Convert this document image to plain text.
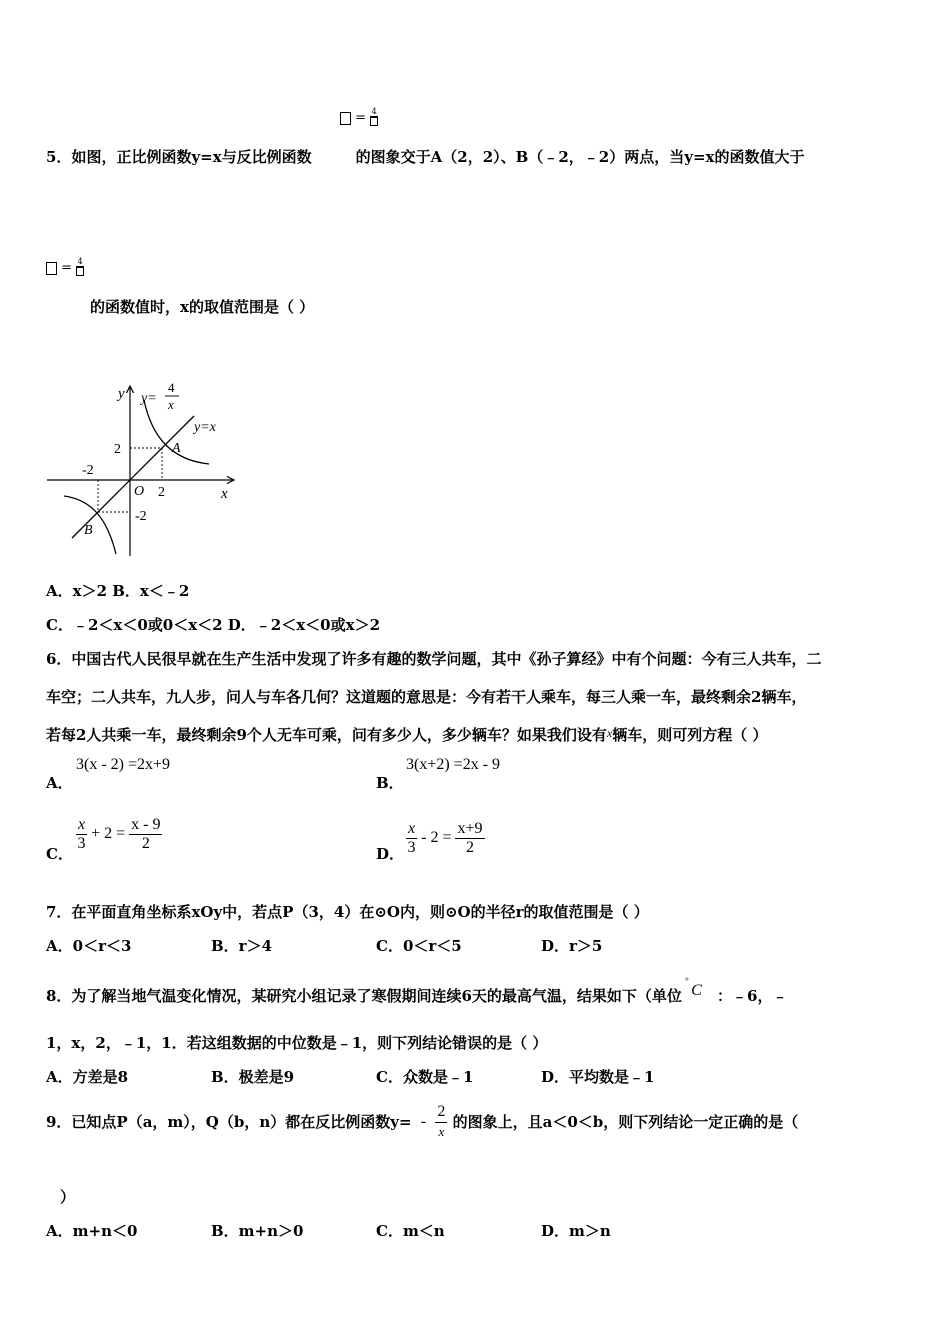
= 4
5．如图，正比例函数y=x与反比例函数	的图象交于A（2，2）、B（﹣2，﹣2）两点，当y=x的函数值大于
= 4
的函数值时，x的取值范围是（ ）
y
x
O
y=
4
x
y=x
A
B
2
-2
2
-2
A．x＞2 B．x＜﹣2
C．﹣2＜x＜0或0＜x＜2 D．﹣2＜x＜0或x＞2
6．中国古代人民很早就在生产生活中发现了许多有趣的数学问题，其中《孙子算经》中有个问题：今有三人共车，二
车空；二人共车，九人步，问人与车各几何？这道题的意思是：今有若干人乘车，每三人乘一车，最终剩余2辆车，
若每2人共乘一车，最终剩余9个人无车可乘，问有多少人，多少辆车？如果我们设有$^x$辆车，则可列方程（ ）
A．
3(x - 2) =2x+9
B．
3(x+2) =2x - 9
C．
$\frac{x}{3} + 2 = \frac{x - 9}{2}$
D． $\frac{x}{3} - 2 = \frac{x+9}{2}$
7．在平面直角坐标系xOy中，若点P（3，4）在⊙O内，则⊙O的半径r的取值范围是（ ）
A．0＜r＜3	B．r＞4	C．0＜r＜5	D．r＞5
8．为了解当地气温变化情况，某研究小组记录了寒假期间连续6天的最高气温，结果如下（单位
°
C ：﹣6，﹣
1，x，2，﹣1，1．若这组数据的中位数是﹣1，则下列结论错误的是（ ）
A．方差是8	B．极差是9	C．众数是﹣1	D．平均数是﹣1
9．已知点P（a，m），Q（b，n）都在反比例函数$y= - \frac{2}{x}$ 的图象上，且a＜0＜b，则下列结论一定正确的是（
）
A．m+n＜0	B．m+n＞0	C．m＜n	D．m＞n
